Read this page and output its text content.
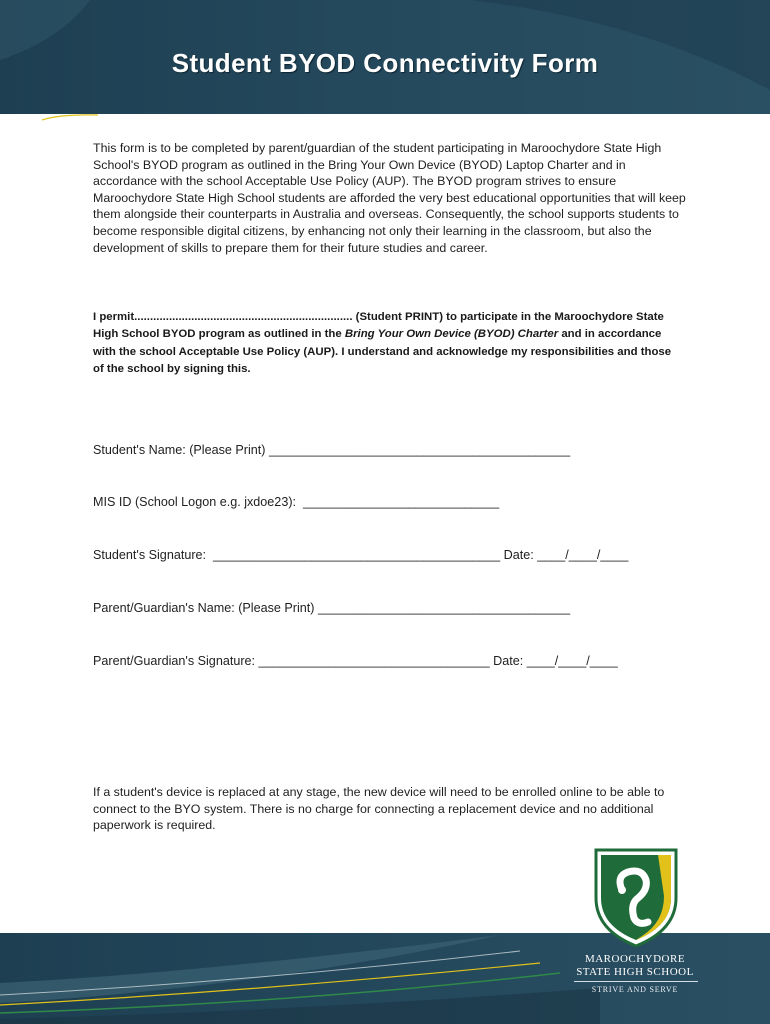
Student BYOD Connectivity Form

This form is to be completed by parent/guardian of the student participating in Maroochydore State High School's BYOD program as outlined in the Bring Your Own Device (BYOD) Laptop Charter and in accordance with the school Acceptable Use Policy (AUP). The BYOD program strives to ensure Maroochydore State High School students are afforded the very best educational opportunities that will keep them alongside their counterparts in Australia and overseas. Consequently, the school supports students to become responsible digital citizens, by enhancing not only their learning in the classroom, but also the development of skills to prepare them for their future studies and career.

I permit..................................................................... (Student PRINT) to participate in the Maroochydore State High School BYOD program as outlined in the Bring Your Own Device (BYOD) Charter and in accordance with the school Acceptable Use Policy (AUP). I understand and acknowledge my responsibilities and those of the school by signing this.

Student's Name: (Please Print) ___________________________________________

MIS ID (School Logon e.g. jxdoe23):  ____________________________

Student's Signature:  _________________________________________ Date: ____/____/____

Parent/Guardian's Name: (Please Print) ____________________________________

Parent/Guardian's Signature: _________________________________ Date: ____/____/____

If a student's device is replaced at any stage, the new device will need to be enrolled online to be able to connect to the BYO system. There is no charge for connecting a replacement device and no additional paperwork is required.

MAROOCHYDORE

STATE HIGH SCHOOL

STRIVE AND SERVE
